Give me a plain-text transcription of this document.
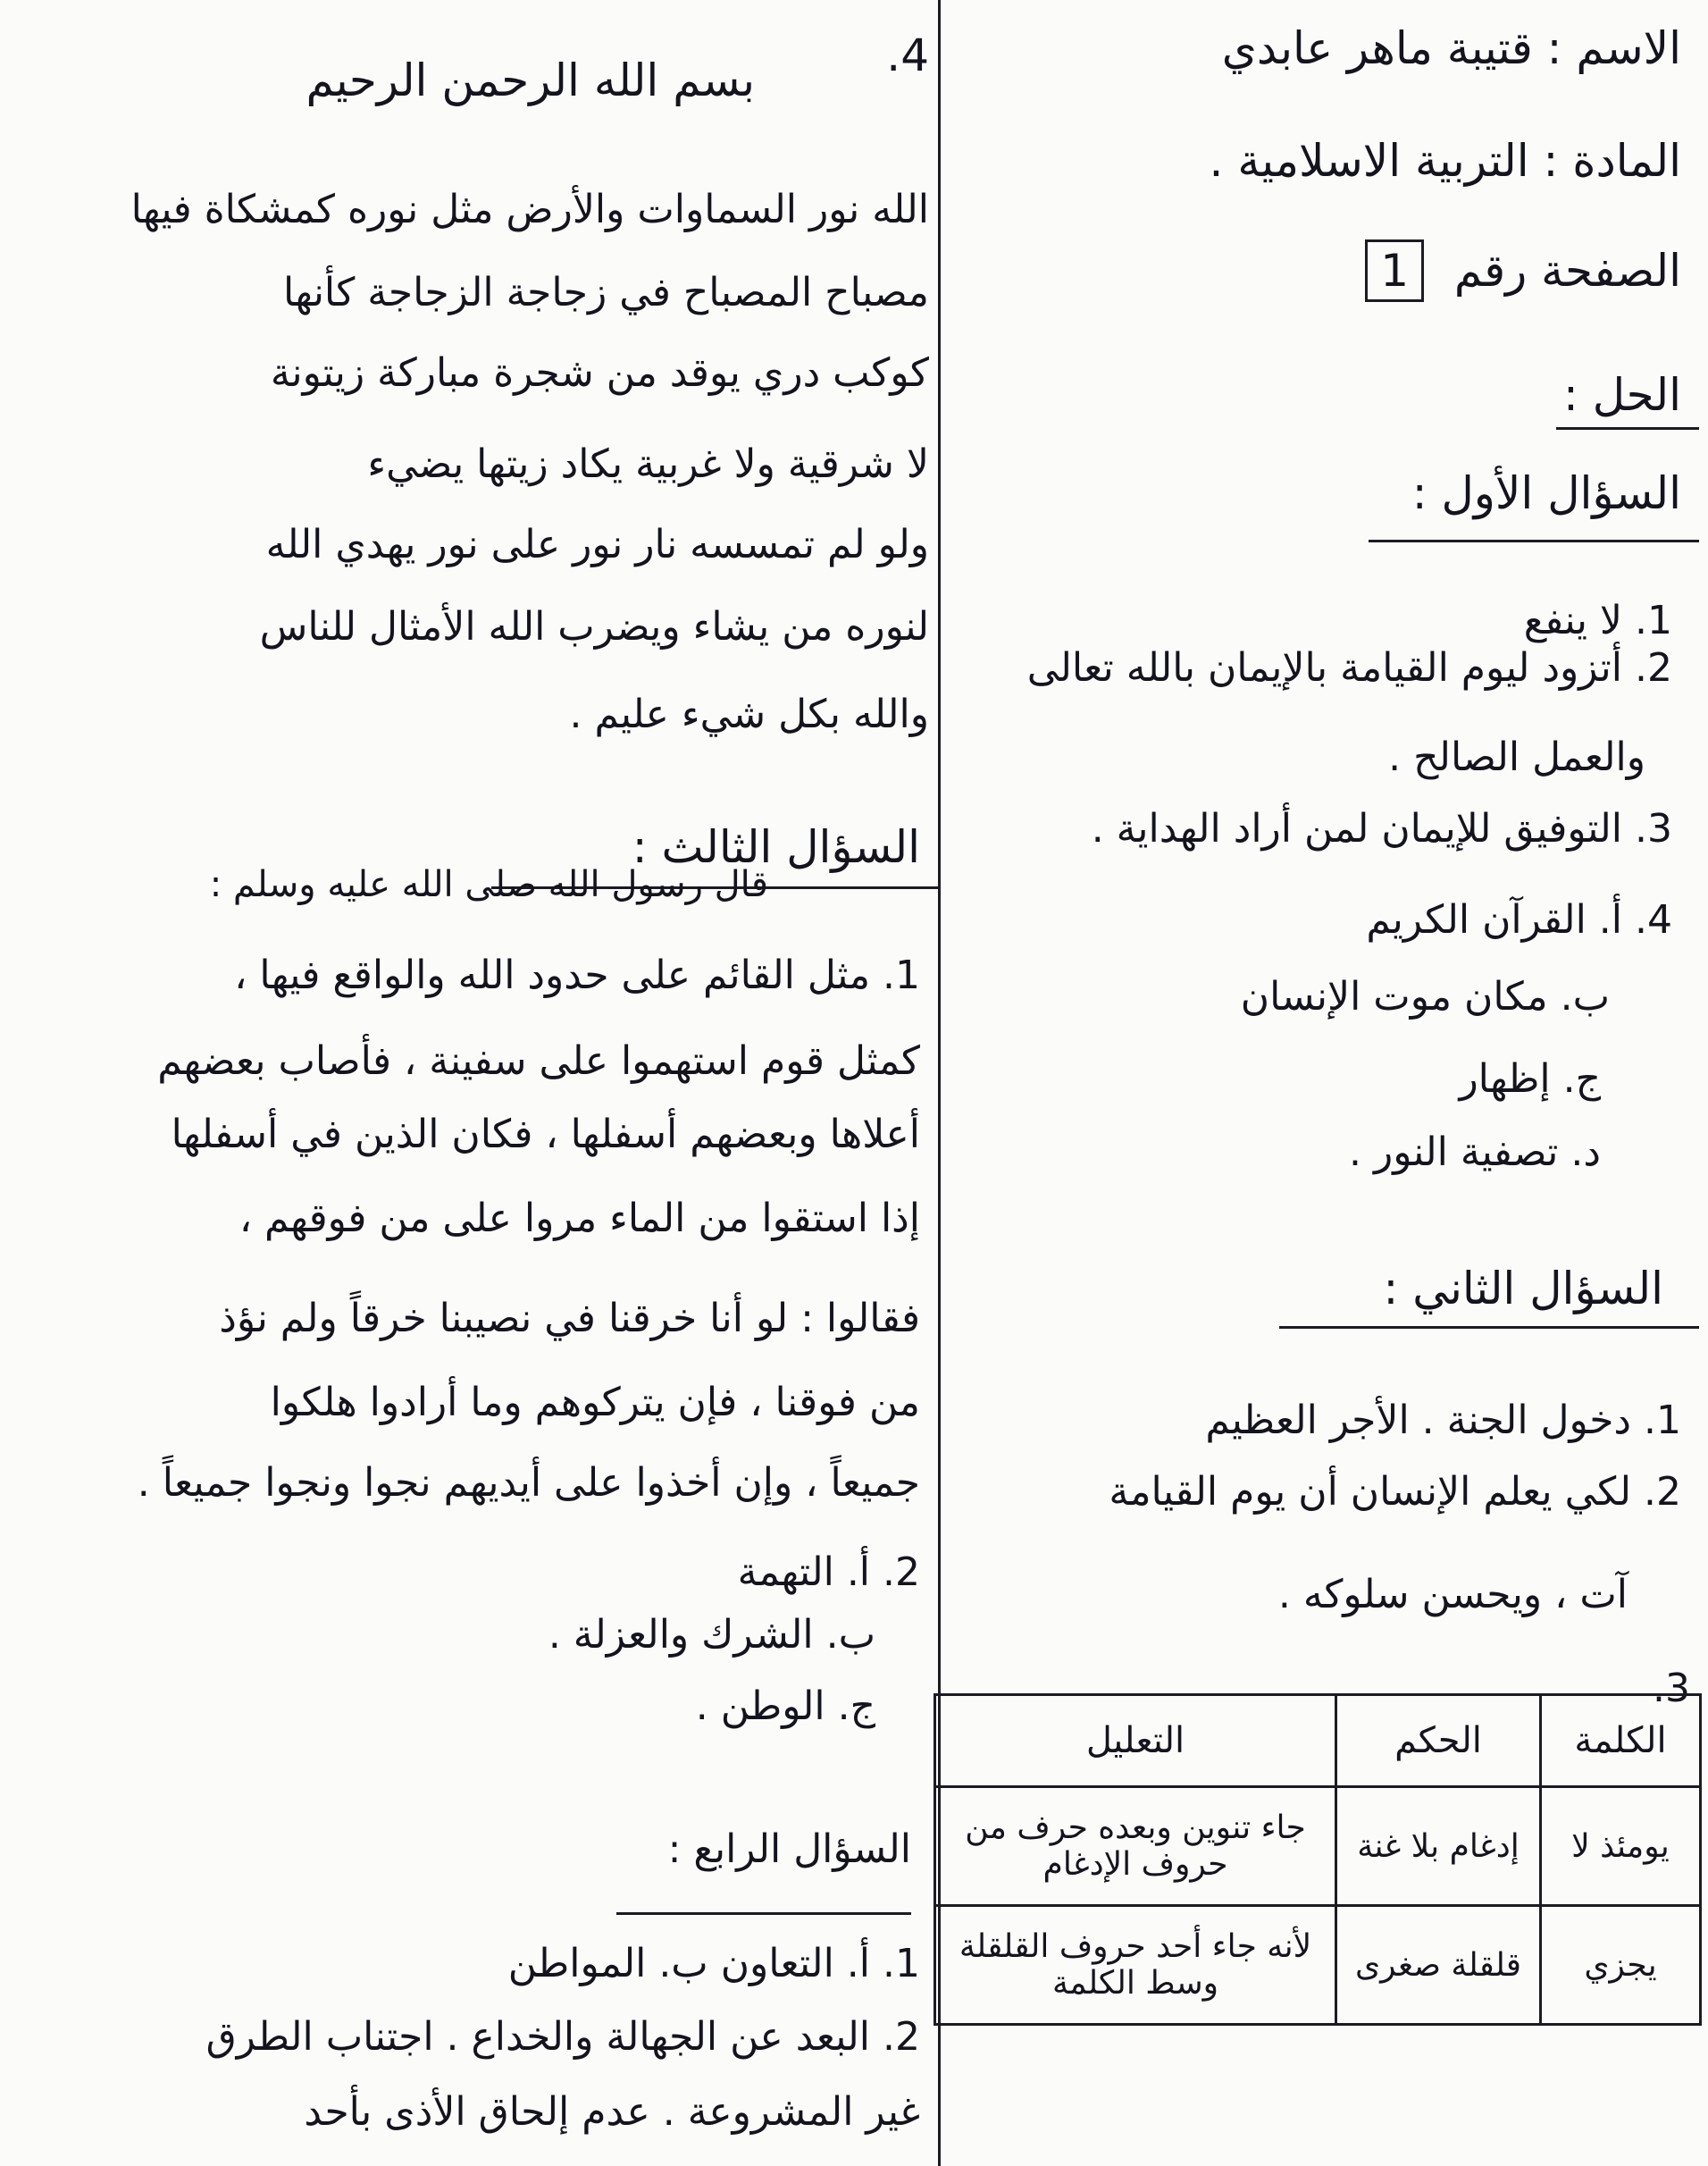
الاسم : قتيبة ماهر عابدي
المادة : التربية الاسلامية .
الصفحة رقم 1
الحل :
السؤال الأول :
1. لا ينفع
2. أتزود ليوم القيامة بالإيمان بالله تعالى
والعمل الصالح .
3. التوفيق للإيمان لمن أراد الهداية .
4. أ. القرآن الكريم
ب. مكان موت الإنسان
ج. إظهار
د. تصفية النور .
السؤال الثاني :
1. دخول الجنة . الأجر العظيم
2. لكي يعلم الإنسان أن يوم القيامة
آت ، ويحسن سلوكه .
3.
الكلمة	الحكم	التعليل
يومئذ لا	إدغام بلا غنة	جاء تنوين وبعده حرف من حروف الإدغام
يجزي	قلقلة صغرى	لأنه جاء أحد حروف القلقلة وسط الكلمة
4.
بسم الله الرحمن الرحيم
الله نور السماوات والأرض مثل نوره كمشكاة فيها
مصباح المصباح في زجاجة الزجاجة كأنها
كوكب دري يوقد من شجرة مباركة زيتونة
لا شرقية ولا غربية يكاد زيتها يضيء
ولو لم تمسسه نار نور على نور يهدي الله
لنوره من يشاء ويضرب الله الأمثال للناس
والله بكل شيء عليم .
السؤال الثالث :
قال رسول الله صلى الله عليه وسلم :
1. مثل القائم على حدود الله والواقع فيها ،
كمثل قوم استهموا على سفينة ، فأصاب بعضهم
أعلاها وبعضهم أسفلها ، فكان الذين في أسفلها
إذا استقوا من الماء مروا على من فوقهم ،
فقالوا : لو أنا خرقنا في نصيبنا خرقاً ولم نؤذ
من فوقنا ، فإن يتركوهم وما أرادوا هلكوا
جميعاً ، وإن أخذوا على أيديهم نجوا ونجوا جميعاً .
2. أ. التهمة
ب. الشرك والعزلة .
ج. الوطن .
السؤال الرابع :
1. أ. التعاون ب. المواطن
2. البعد عن الجهالة والخداع . اجتناب الطرق
غير المشروعة . عدم إلحاق الأذى بأحد
